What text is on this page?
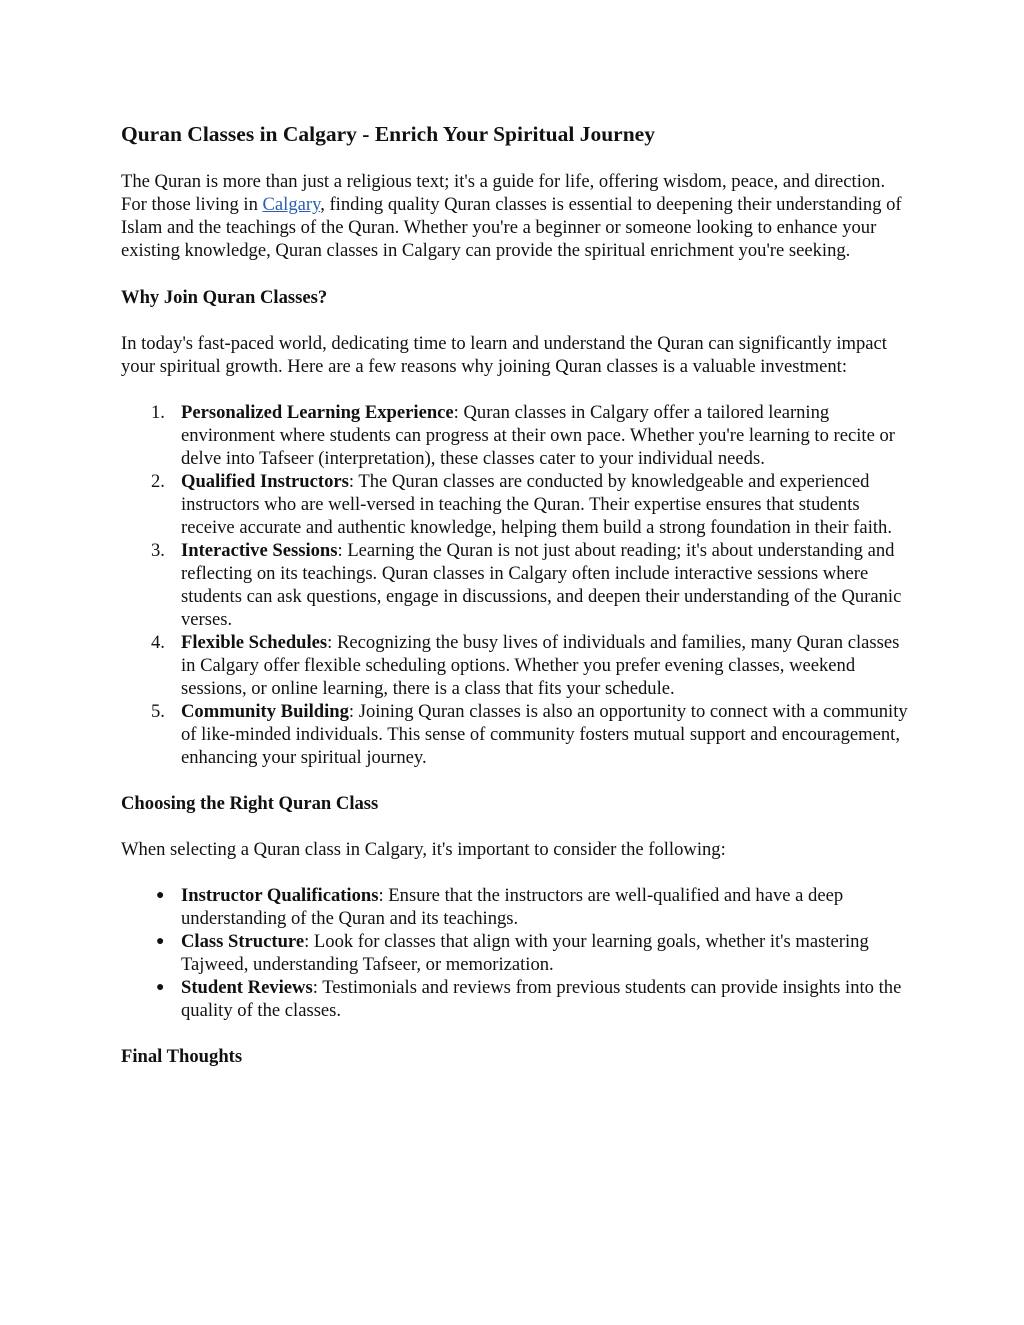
Quran Classes in Calgary - Enrich Your Spiritual Journey

The Quran is more than just a religious text; it's a guide for life, offering wisdom, peace, and direction. For those living in Calgary, finding quality Quran classes is essential to deepening their understanding of Islam and the teachings of the Quran. Whether you're a beginner or someone looking to enhance your existing knowledge, Quran classes in Calgary can provide the spiritual enrichment you're seeking.

Why Join Quran Classes?

In today's fast-paced world, dedicating time to learn and understand the Quran can significantly impact your spiritual growth. Here are a few reasons why joining Quran classes is a valuable investment:

1. Personalized Learning Experience: Quran classes in Calgary offer a tailored learning environment where students can progress at their own pace. Whether you're learning to recite or delve into Tafseer (interpretation), these classes cater to your individual needs.
2. Qualified Instructors: The Quran classes are conducted by knowledgeable and experienced instructors who are well-versed in teaching the Quran. Their expertise ensures that students receive accurate and authentic knowledge, helping them build a strong foundation in their faith.
3. Interactive Sessions: Learning the Quran is not just about reading; it's about understanding and reflecting on its teachings. Quran classes in Calgary often include interactive sessions where students can ask questions, engage in discussions, and deepen their understanding of the Quranic verses.
4. Flexible Schedules: Recognizing the busy lives of individuals and families, many Quran classes in Calgary offer flexible scheduling options. Whether you prefer evening classes, weekend sessions, or online learning, there is a class that fits your schedule.
5. Community Building: Joining Quran classes is also an opportunity to connect with a community of like-minded individuals. This sense of community fosters mutual support and encouragement, enhancing your spiritual journey.
Choosing the Right Quran Class

When selecting a Quran class in Calgary, it's important to consider the following:

● Instructor Qualifications: Ensure that the instructors are well-qualified and have a deep understanding of the Quran and its teachings.
● Class Structure: Look for classes that align with your learning goals, whether it's mastering Tajweed, understanding Tafseer, or memorization.
● Student Reviews: Testimonials and reviews from previous students can provide insights into the quality of the classes.
Final Thoughts
